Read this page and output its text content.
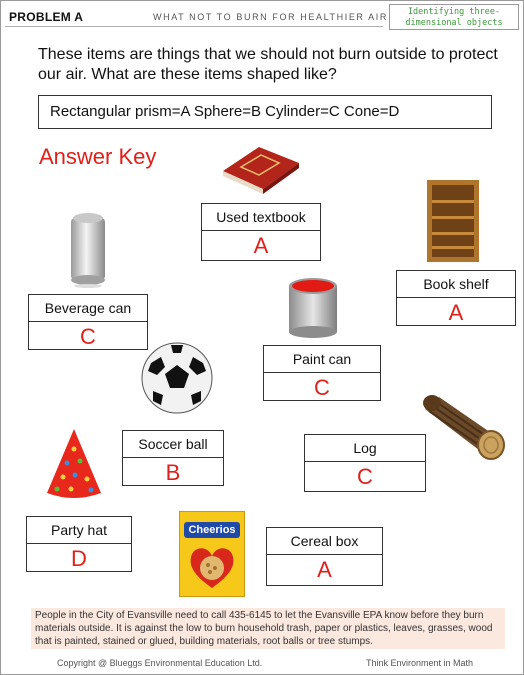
PROBLEM A	WHAT NOT TO BURN FOR HEALTHIER AIR	Identifying three-
dimensional objects
These items are things that we should not burn outside to protect our air. What are these items shaped like?
Rectangular prism=A Sphere=B Cylinder=C Cone=D
Answer Key
Cheerios
Used textbook
A
Book shelf
A
Beverage can
C
Paint can
C
Soccer ball
B
Log
C
Party hat
D
Cereal box
A
People in the City of Evansville need to call 435-6145 to let the Evansville EPA know before they burn materials outside. It is against the low to burn household trash, paper or plastics, leaves, grasses, wood that is painted, stained or glued, building materials, root balls or tree stumps.
Copyright @ Blueggs Environmental Education Ltd.	Think Environment in Math
